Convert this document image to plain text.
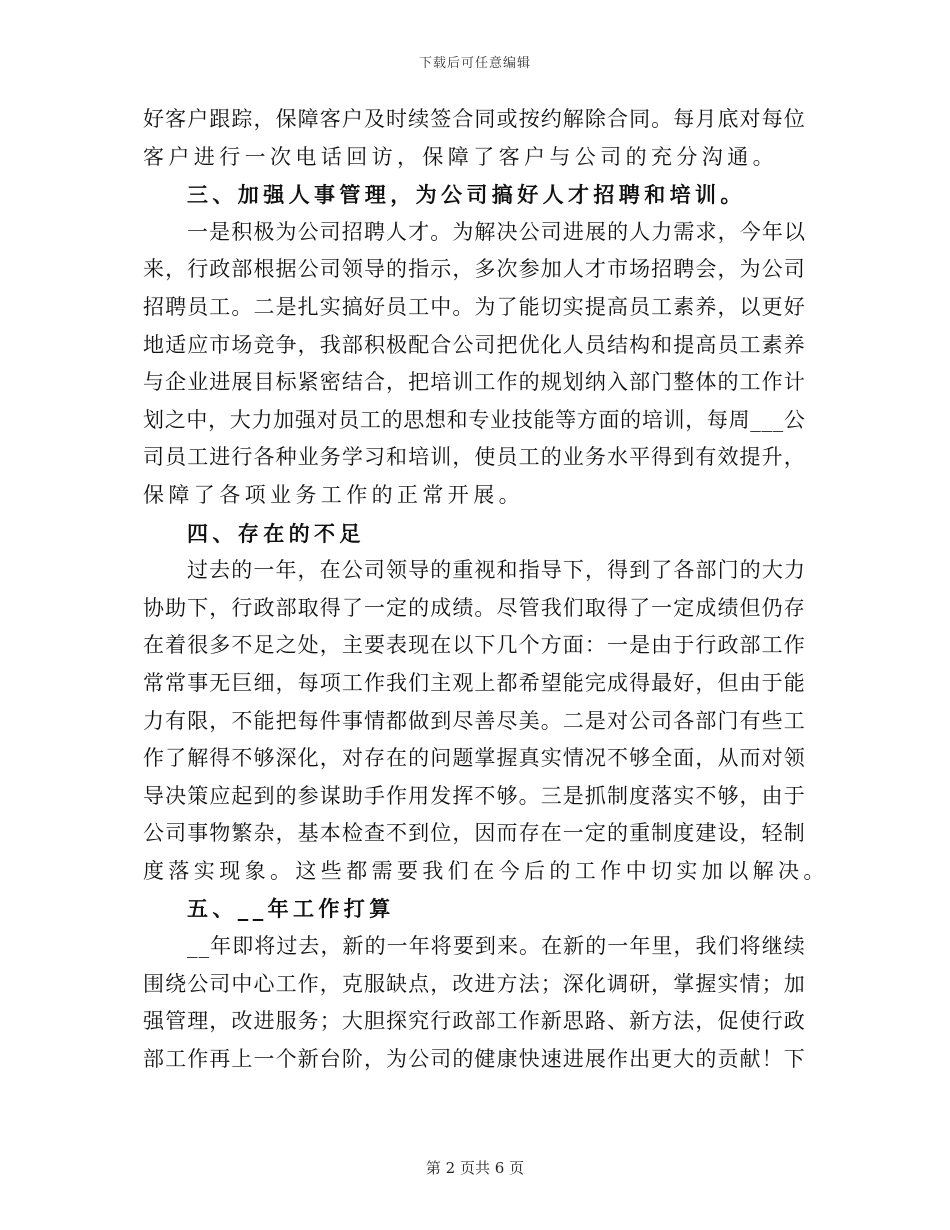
下载后可任意编辑
好 客 户 跟 踪 ， 保 障 客 户 及 时 续 签 合 同 或 按 约 解 除 合 同 。 每 月 底 对 每 位
客户进行一次电话回访，保障了客户与公司的充分沟通。
三、加强人事管理，为公司搞好人才招聘和培训。
一 是 积 极 为 公 司 招 聘 人 才 。 为 解 决 公 司 进 展 的 人 力 需 求 ， 今 年 以
来 ， 行 政 部 根 据 公 司 领 导 的 指 示 ， 多 次 参 加 人 才 市 场 招 聘 会 ， 为 公 司
招 聘 员 工 。 二 是 扎 实 搞 好 员 工 中 。 为 了 能 切 实 提 高 员 工 素 养 ， 以 更 好
地 适 应 市 场 竞 争 ， 我 部 积 极 配 合 公 司 把 优 化 人 员 结 构 和 提 高 员 工 素 养
与 企 业 进 展 目 标 紧 密 结 合 ， 把 培 训 工 作 的 规 划 纳 入 部 门 整 体 的 工 作 计
划 之 中 ， 大 力 加 强 对 员 工 的 思 想 和 专 业 技 能 等 方 面 的 培 训 ， 每 周 _ _ _ 公
司 员 工 进 行 各 种 业 务 学 习 和 培 训 ， 使 员 工 的 业 务 水 平 得 到 有 效 提 升 ，
保障了各项业务工作的正常开展。
四、存在的不足
过 去 的 一 年 ， 在 公 司 领 导 的 重 视 和 指 导 下 ， 得 到 了 各 部 门 的 大 力
协 助 下 ， 行 政 部 取 得 了 一 定 的 成 绩 。 尽 管 我 们 取 得 了 一 定 成 绩 但 仍 存
在 着 很 多 不 足 之 处 ， 主 要 表 现 在 以 下 几 个 方 面 ： 一 是 由 于 行 政 部 工 作
常 常 事 无 巨 细 ， 每 项 工 作 我 们 主 观 上 都 希 望 能 完 成 得 最 好 ， 但 由 于 能
力 有 限 ， 不 能 把 每 件 事 情 都 做 到 尽 善 尽 美 。 二 是 对 公 司 各 部 门 有 些 工
作 了 解 得 不 够 深 化 ， 对 存 在 的 问 题 掌 握 真 实 情 况 不 够 全 面 ， 从 而 对 领
导 决 策 应 起 到 的 参 谋 助 手 作 用 发 挥 不 够 。 三 是 抓 制 度 落 实 不 够 ， 由 于
公 司 事 物 繁 杂 ， 基 本 检 查 不 到 位 ， 因 而 存 在 一 定 的 重 制 度 建 设 ， 轻 制
度落实现象。这些都需要我们在今后的工作中切实加以解决。
五、__年工作打算
_ _ 年 即 将 过 去 ， 新 的 一 年 将 要 到 来 。 在 新 的 一 年 里 ， 我 们 将 继 续
围 绕 公 司 中 心 工 作 ， 克 服 缺 点 ， 改 进 方 法 ； 深 化 调 研 ， 掌 握 实 情 ； 加
强 管 理 ， 改 进 服 务 ； 大 胆 探 究 行 政 部 工 作 新 思 路 、 新 方 法 ， 促 使 行 政
部 工 作 再 上 一 个 新 台 阶 ， 为 公 司 的 健 康 快 速 进 展 作 出 更 大 的 贡 献 ！ 下
第 2 页共 6 页
